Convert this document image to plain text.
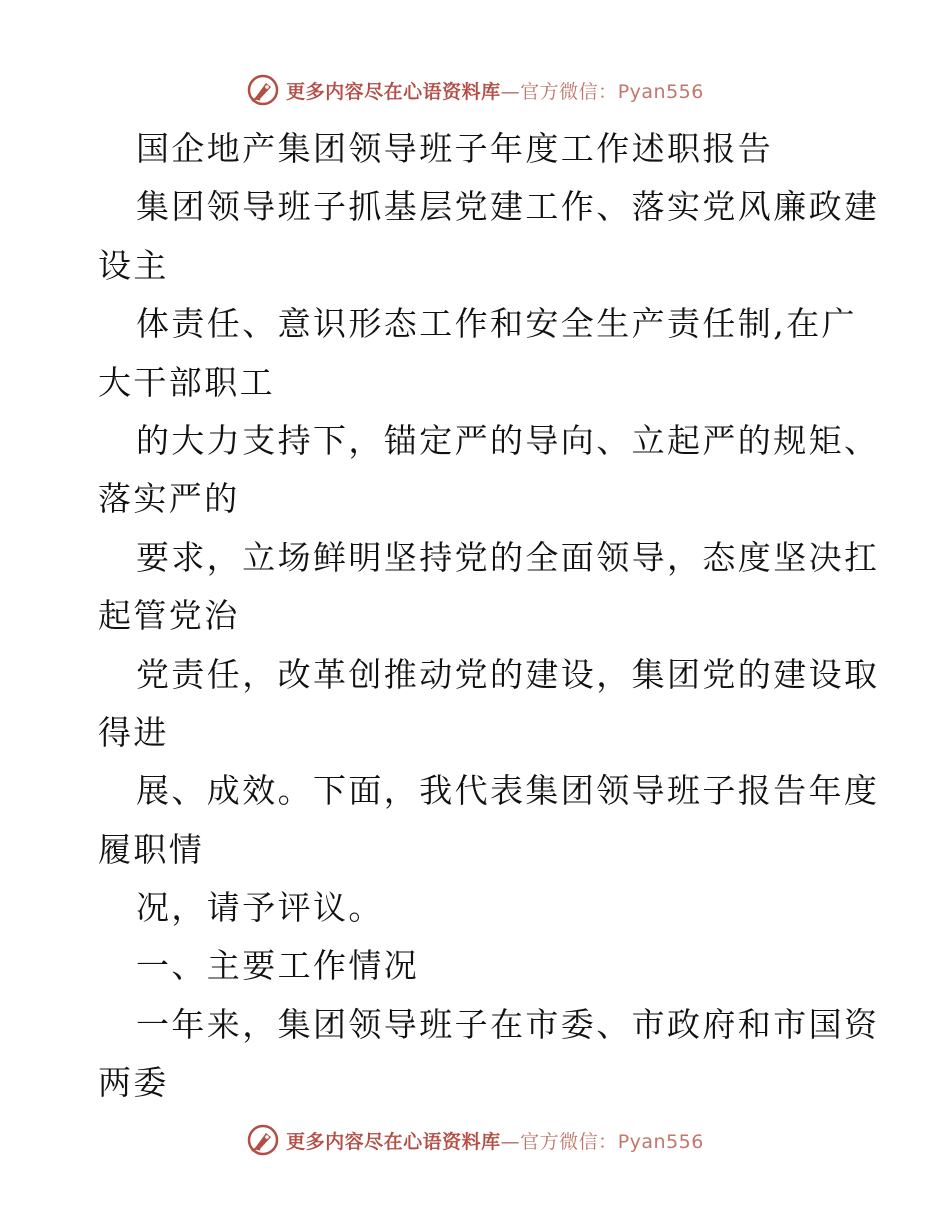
更多内容尽在心语资料库—官方微信：Pyan556
国企地产集团领导班子年度工作述职报告
集团领导班子抓基层党建工作、落实党风廉政建
设主
体责任、意识形态工作和安全生产责任制,在广
大干部职工
的大力支持下，锚定严的导向、立起严的规矩、
落实严的
要求，立场鲜明坚持党的全面领导，态度坚决扛
起管党治
党责任，改革创推动党的建设，集团党的建设取
得进
展、成效。下面，我代表集团领导班子报告年度
履职情
况，请予评议。
一、主要工作情况
一年来，集团领导班子在市委、市政府和市国资
两委
更多内容尽在心语资料库—官方微信：Pyan556
